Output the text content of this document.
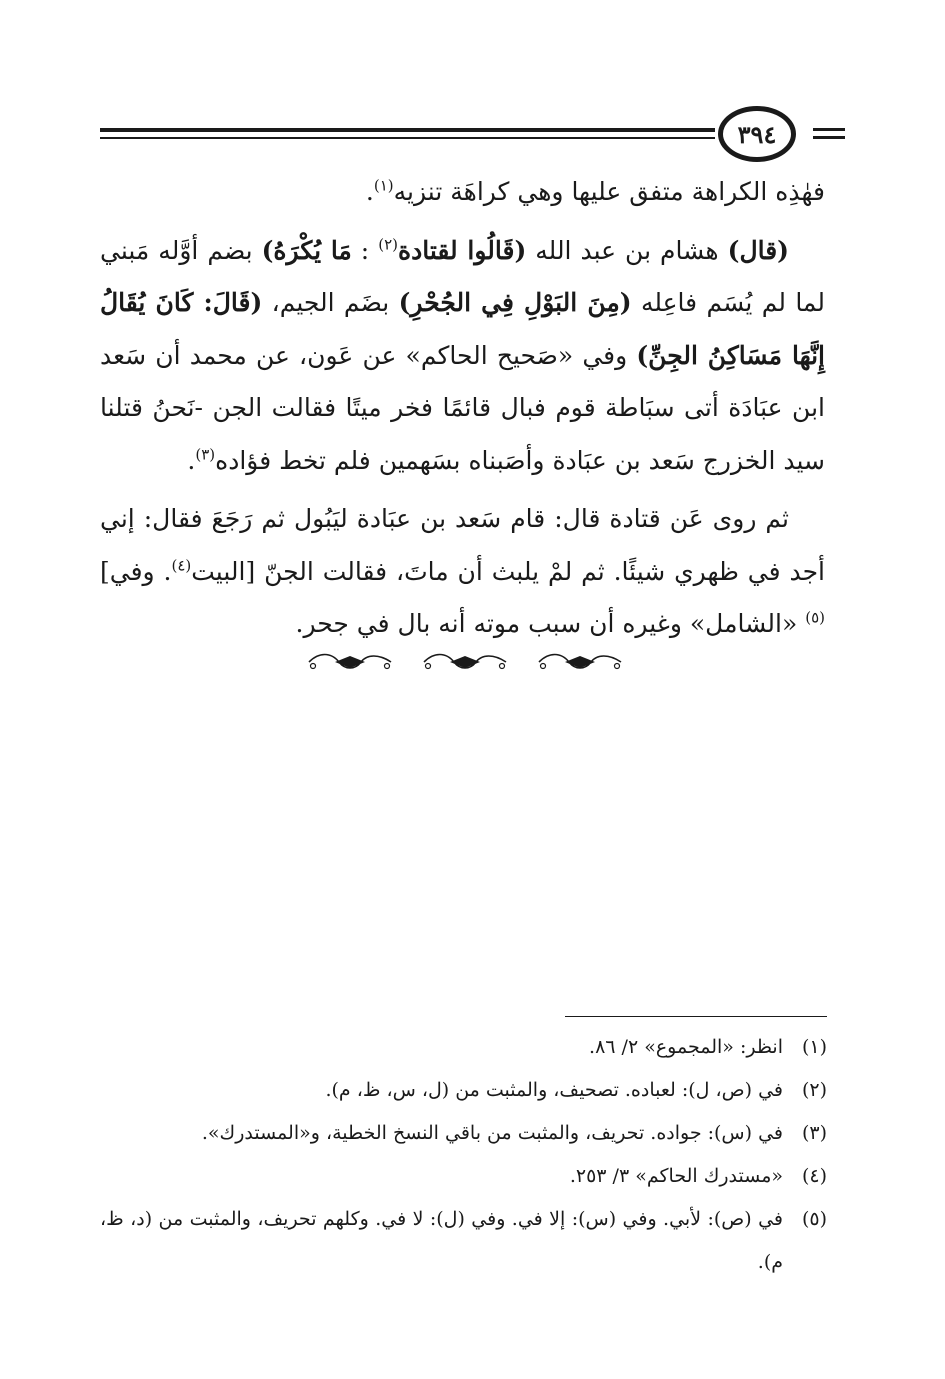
٣٩٤

فهٰذِه الكراهة متفق عليها وهي كراهَة تنزيه$^{(١)}$.

(قال) هشام بن عبد الله (قَالُوا لقتادة$^{(٢)}$ : مَا يُكْرَهُ) بضم أوَّله مَبني لما لم يُسَم فاعِله (مِنَ البَوْلِ فِي الجُحْرِ) بضَم الجيم، (قَالَ: كَانَ يُقَالُ إِنَّهَا مَسَاكِنُ الجِنِّ) وفي «صَحيح الحاكم» عن عَون، عن محمد أن سَعد ابن عبَادَة أتى سبَاطة قوم فبال قائمًا فخر ميتًا فقالت الجن -نَحنُ قتلنا سيد الخزرج سَعد بن عبَادة وأصَبناه بسَهمين فلم تخط فؤاده$^{(٣)}$.

ثم روى عَن قتادة قال: قام سَعد بن عبَادة ليَبُول ثم رَجَعَ فقال: إني أجد في ظهري شيئًا. ثم لمْ يلبث أن ماتَ، فقالت الجنّ [البيت$^{(٤)}$. وفي]$^{(٥)}$ «الشامل» وغيره أن سبب موته أنه بال في جحر.

(١)
انظر: «المجموع» ٢/ ٨٦.
(٢)
في (ص، ل): لعباده. تصحيف، والمثبت من (ل، س، ظ، م).
(٣)
في (س): جواده. تحريف، والمثبت من باقي النسخ الخطية، و«المستدرك».
(٤)
«مستدرك الحاكم» ٣/ ٢٥٣.
(٥)
في (ص): لأبي. وفي (س): إلا في. وفي (ل): لا في. وكلهم تحريف، والمثبت من (د، ظ، م).
